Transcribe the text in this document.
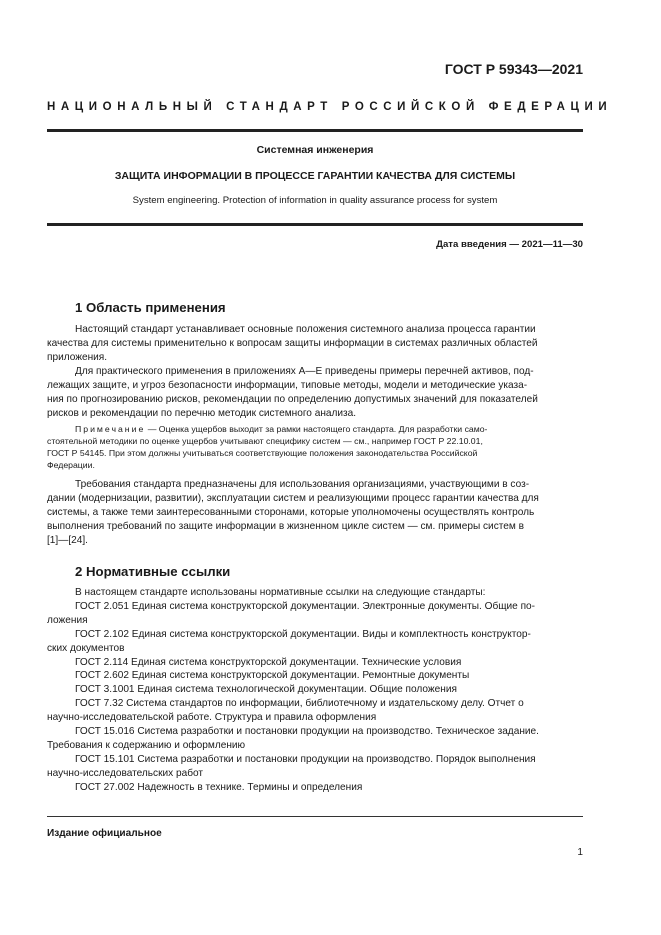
ГОСТ Р 59343—2021
НАЦИОНАЛЬНЫЙ СТАНДАРТ РОССИЙСКОЙ ФЕДЕРАЦИИ
Системная инженерия
ЗАЩИТА ИНФОРМАЦИИ В ПРОЦЕССЕ ГАРАНТИИ КАЧЕСТВА ДЛЯ СИСТЕМЫ
System engineering. Protection of information in quality assurance process for system
Дата введения — 2021—11—30
1 Область применения
Настоящий стандарт устанавливает основные положения системного анализа процесса гарантии
качества для системы применительно к вопросам защиты информации в системах различных областей
приложения.
Для практического применения в приложениях А—Е приведены примеры перечней активов, под-
лежащих защите, и угроз безопасности информации, типовые методы, модели и методические указа-
ния по прогнозированию рисков, рекомендации по определению допустимых значений для показателей
рисков и рекомендации по перечню методик системного анализа.
Примечание — Оценка ущербов выходит за рамки настоящего стандарта. Для разработки само-
стоятельной методики по оценке ущербов учитывают специфику систем — см., например ГОСТ Р 22.10.01,
ГОСТ Р 54145. При этом должны учитываться соответствующие положения законодательства Российской
Федерации.
Требования стандарта предназначены для использования организациями, участвующими в соз-
дании (модернизации, развитии), эксплуатации систем и реализующими процесс гарантии качества для
системы, а также теми заинтересованными сторонами, которые уполномочены осуществлять контроль
выполнения требований по защите информации в жизненном цикле систем — см. примеры систем в
[1]—[24].
2 Нормативные ссылки
В настоящем стандарте использованы нормативные ссылки на следующие стандарты:
ГОСТ 2.051 Единая система конструкторской документации. Электронные документы. Общие по-
ложения
ГОСТ 2.102 Единая система конструкторской документации. Виды и комплектность конструктор-
ских документов
ГОСТ 2.114 Единая система конструкторской документации. Технические условия
ГОСТ 2.602 Единая система конструкторской документации. Ремонтные документы
ГОСТ 3.1001 Единая система технологической документации. Общие положения
ГОСТ 7.32 Система стандартов по информации, библиотечному и издательскому делу. Отчет о
научно-исследовательской работе. Структура и правила оформления
ГОСТ 15.016 Система разработки и постановки продукции на производство. Техническое задание.
Требования к содержанию и оформлению
ГОСТ 15.101 Система разработки и постановки продукции на производство. Порядок выполнения
научно-исследовательских работ
ГОСТ 27.002 Надежность в технике. Термины и определения
Издание официальное
1
